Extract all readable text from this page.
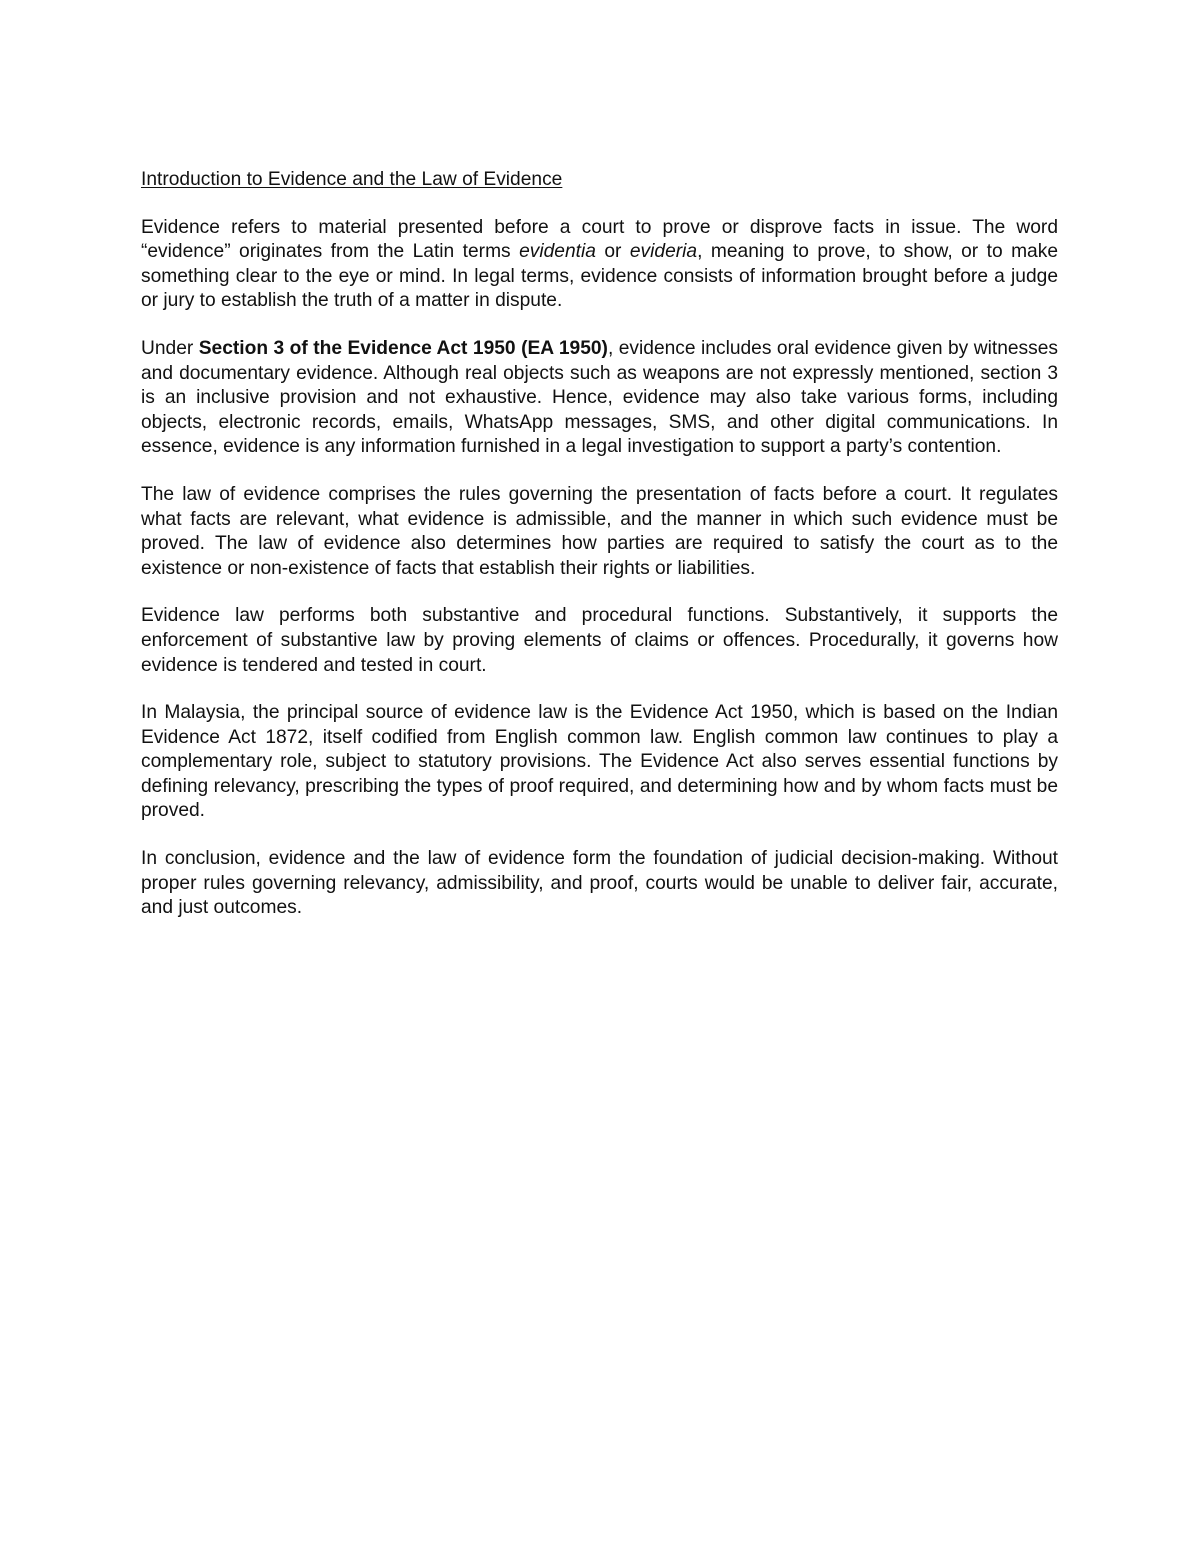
Introduction to Evidence and the Law of Evidence

Evidence refers to material presented before a court to prove or disprove facts in issue. The word “evidence” originates from the Latin terms evidentia or evideria, meaning to prove, to show, or to make something clear to the eye or mind. In legal terms, evidence consists of information brought before a judge or jury to establish the truth of a matter in dispute.

Under Section 3 of the Evidence Act 1950 (EA 1950), evidence includes oral evidence given by witnesses and documentary evidence. Although real objects such as weapons are not expressly mentioned, section 3 is an inclusive provision and not exhaustive. Hence, evidence may also take various forms, including objects, electronic records, emails, WhatsApp messages, SMS, and other digital communications. In essence, evidence is any information furnished in a legal investigation to support a party’s contention.

The law of evidence comprises the rules governing the presentation of facts before a court. It regulates what facts are relevant, what evidence is admissible, and the manner in which such evidence must be proved. The law of evidence also determines how parties are required to satisfy the court as to the existence or non-existence of facts that establish their rights or liabilities.

Evidence law performs both substantive and procedural functions. Substantively, it supports the enforcement of substantive law by proving elements of claims or offences. Procedurally, it governs how evidence is tendered and tested in court.

In Malaysia, the principal source of evidence law is the Evidence Act 1950, which is based on the Indian Evidence Act 1872, itself codified from English common law. English common law continues to play a complementary role, subject to statutory provisions. The Evidence Act also serves essential functions by defining relevancy, prescribing the types of proof required, and determining how and by whom facts must be proved.

In conclusion, evidence and the law of evidence form the foundation of judicial decision-making. Without proper rules governing relevancy, admissibility, and proof, courts would be unable to deliver fair, accurate, and just outcomes.
